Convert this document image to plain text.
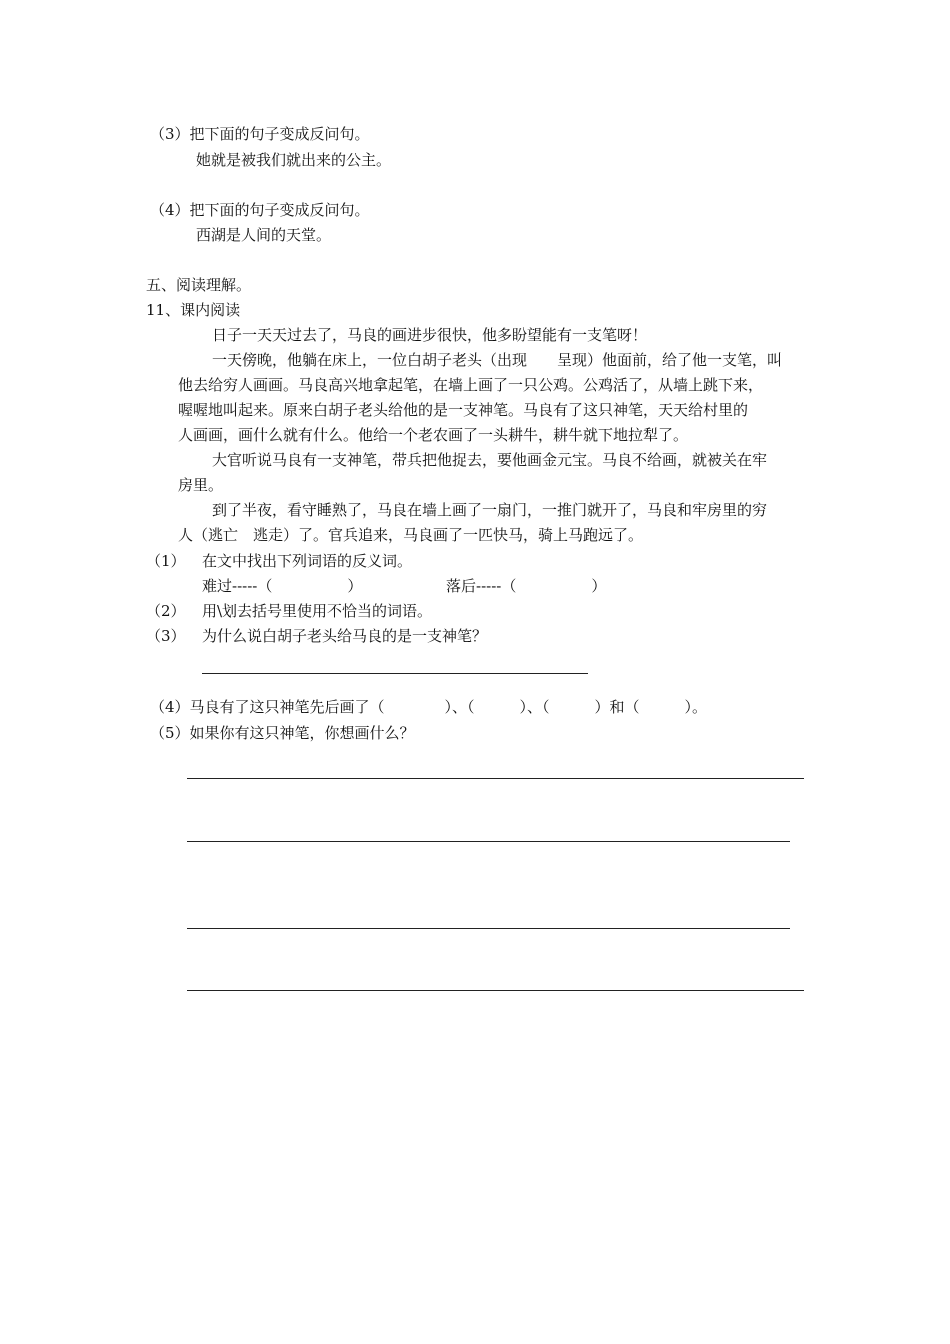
（3）把下面的句子变成反问句。
她就是被我们就出来的公主。
（4）把下面的句子变成反问句。
西湖是人间的天堂。
五、阅读理解。
11、课内阅读
日子一天天过去了，马良的画进步很快，他多盼望能有一支笔呀！
一天傍晚，他躺在床上，一位白胡子老头（出现　　呈现）他面前，给了他一支笔，叫
他去给穷人画画。马良高兴地拿起笔，在墙上画了一只公鸡。公鸡活了，从墙上跳下来，
喔喔地叫起来。原来白胡子老头给他的是一支神笔。马良有了这只神笔，天天给村里的
人画画，画什么就有什么。他给一个老农画了一头耕牛，耕牛就下地拉犁了。
大官听说马良有一支神笔，带兵把他捉去，要他画金元宝。马良不给画，就被关在牢
房里。
到了半夜，看守睡熟了，马良在墙上画了一扇门，一推门就开了，马良和牢房里的穷
人（逃亡　逃走）了。官兵追来，马良画了一匹快马，骑上马跑远了。
（1） 在文中找出下列词语的反义词。
难过-----（　　　　　）	落后-----（　　　　　）
（2） 用\划去括号里使用不恰当的词语。
（3） 为什么说白胡子老头给马良的是一支神笔？
（4）马良有了这只神笔先后画了（　　　　）、（　　　）、（　　　）和（　　　）。
（5）如果你有这只神笔，你想画什么？
